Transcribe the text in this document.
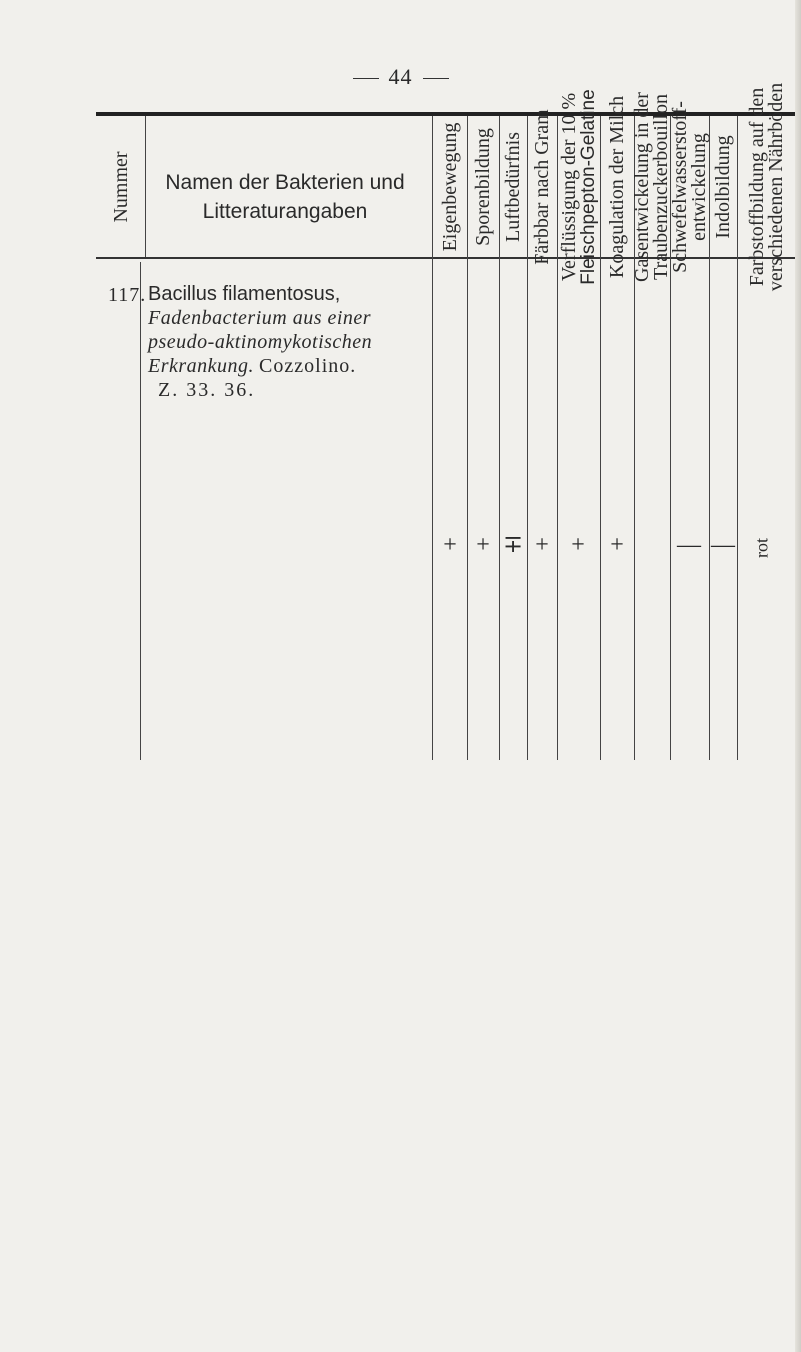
44
Nummer	Namen der Bakterien und
Litteraturangaben	Eigenbewegung Sporenbildung Luftbedürfnis Färbbar nach Gram Verflüssigung der 10 %
Fleischpepton-Gelatine Koagulation der Milch Gasentwickelung in der
Traubenzuckerbouillon
Schwefelwasserstoff-
entwickelung Indolbildung Farbstoffbildung auf den
verschiedenen Nährböden
117. Bacillus filamentosus,
Fadenbacterium aus einer
pseudo-aktinomykotischen
Erkrankung. Cozzolino.
Z. 33. 36.
+ + ∓ + + + — — rot
